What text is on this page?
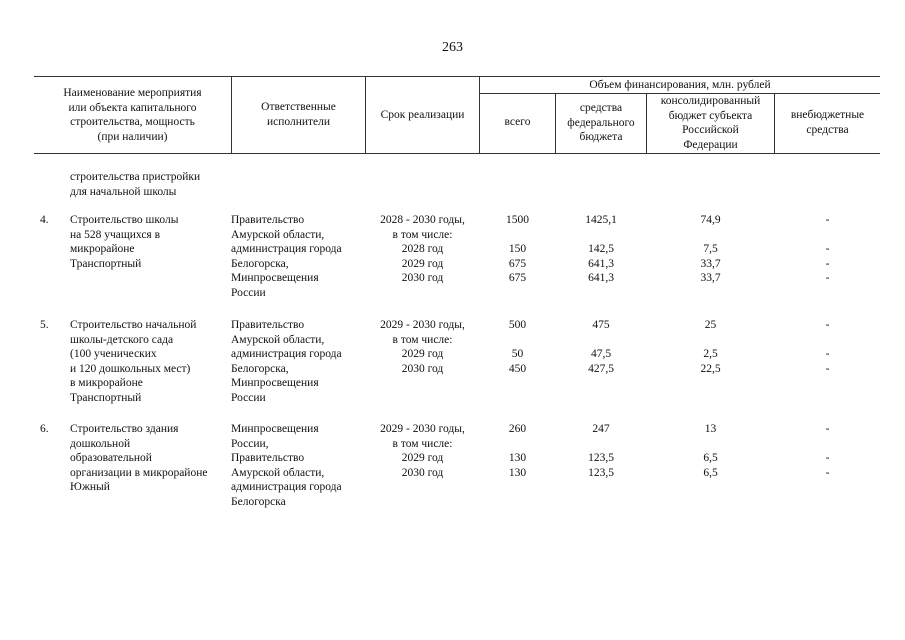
263
Наименование мероприятия
или объекта капитального
строительства, мощность
(при наличии)
Ответственные
исполнители
Срок реализации
Объем финансирования, млн. рублей
всего
средства
федерального
бюджета
консолидированный
бюджет субъекта
Российской
Федерации
внебюджетные
средства
строительства пристройки
для начальной школы
4. Строительство школы
на 528 учащихся в
микрорайоне
Транспортный
Правительство
Амурской области,
администрация города
Белогорска,
Минпросвещения
России
2028 - 2030 годы,
в том числе:
2028 год
2029 год
2030 год
1500

150
675
675
1425,1

142,5
641,3
641,3
74,9

7,5
33,7
33,7
-

-
-
-
5. Строительство начальной
школы-детского сада
(100 ученических
и 120 дошкольных мест)
в микрорайоне
Транспортный
Правительство
Амурской области,
администрация города
Белогорска,
Минпросвещения
России
2029 - 2030 годы,
в том числе:
2029 год
2030 год
500

50
450
475

47,5
427,5
25

2,5
22,5
-

-
-
6. Строительство здания
дошкольной
образовательной
организации в микрорайоне
Южный
Минпросвещения
России,
Правительство
Амурской области,
администрация города
Белогорска
2029 - 2030 годы,
в том числе:
2029 год
2030 год
260

130
130
247

123,5
123,5
13

6,5
6,5
-

-
-
